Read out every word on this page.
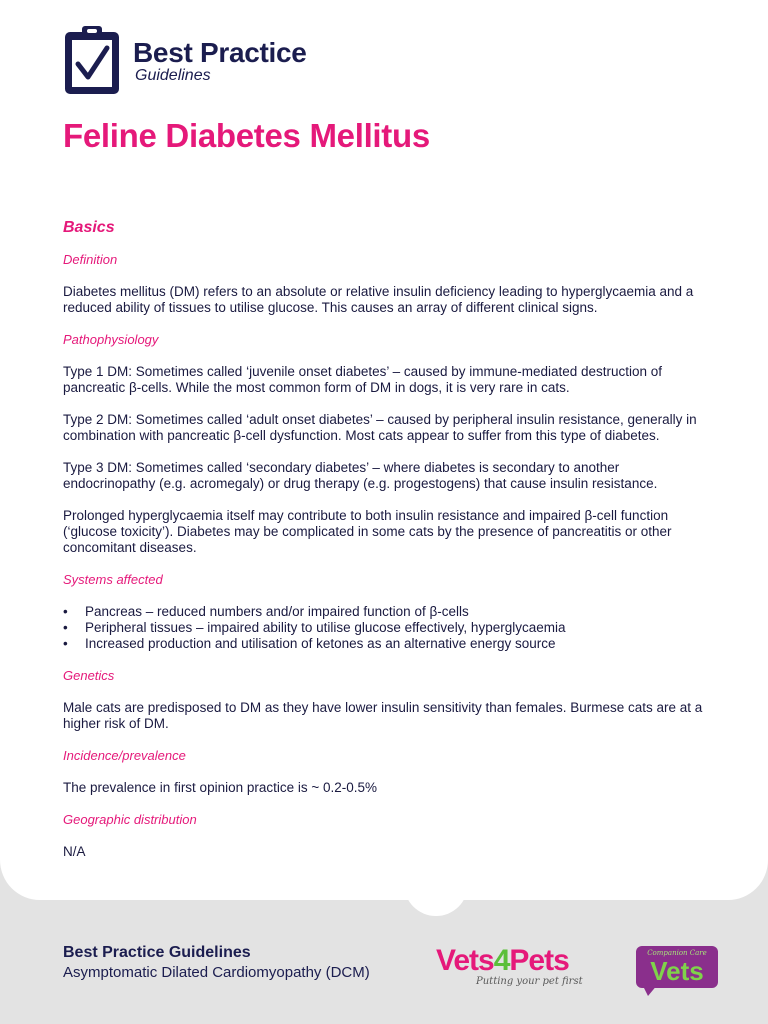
Best Practice
Guidelines
Feline Diabetes Mellitus
Basics
Definition
Diabetes mellitus (DM) refers to an absolute or relative insulin deficiency leading to hyperglycaemia and a reduced ability of tissues to utilise glucose. This causes an array of different clinical signs.
Pathophysiology
Type 1 DM: Sometimes called ‘juvenile onset diabetes’ – caused by immune-mediated destruction of pancreatic β-cells. While the most common form of DM in dogs, it is very rare in cats.
Type 2 DM: Sometimes called ‘adult onset diabetes’ – caused by peripheral insulin resistance, generally in combination with pancreatic β-cell dysfunction. Most cats appear to suffer from this type of diabetes.
Type 3 DM: Sometimes called ‘secondary diabetes’ – where diabetes is secondary to another endocrinopathy (e.g. acromegaly) or drug therapy (e.g. progestogens) that cause insulin resistance.
Prolonged hyperglycaemia itself may contribute to both insulin resistance and impaired β-cell function (‘glucose toxicity’). Diabetes may be complicated in some cats by the presence of pancreatitis or other concomitant diseases.
Systems affected
• Pancreas – reduced numbers and/or impaired function of β-cells
• Peripheral tissues – impaired ability to utilise glucose effectively, hyperglycaemia
• Increased production and utilisation of ketones as an alternative energy source
Genetics
Male cats are predisposed to DM as they have lower insulin sensitivity than females. Burmese cats are at a higher risk of DM.
Incidence/prevalence
The prevalence in first opinion practice is ~ 0.2-0.5%
Geographic distribution
N/A
Best Practice Guidelines
Asymptomatic Dilated Cardiomyopathy (DCM) Vets4Pets
Putting your pet first
Companion Care
Vets
